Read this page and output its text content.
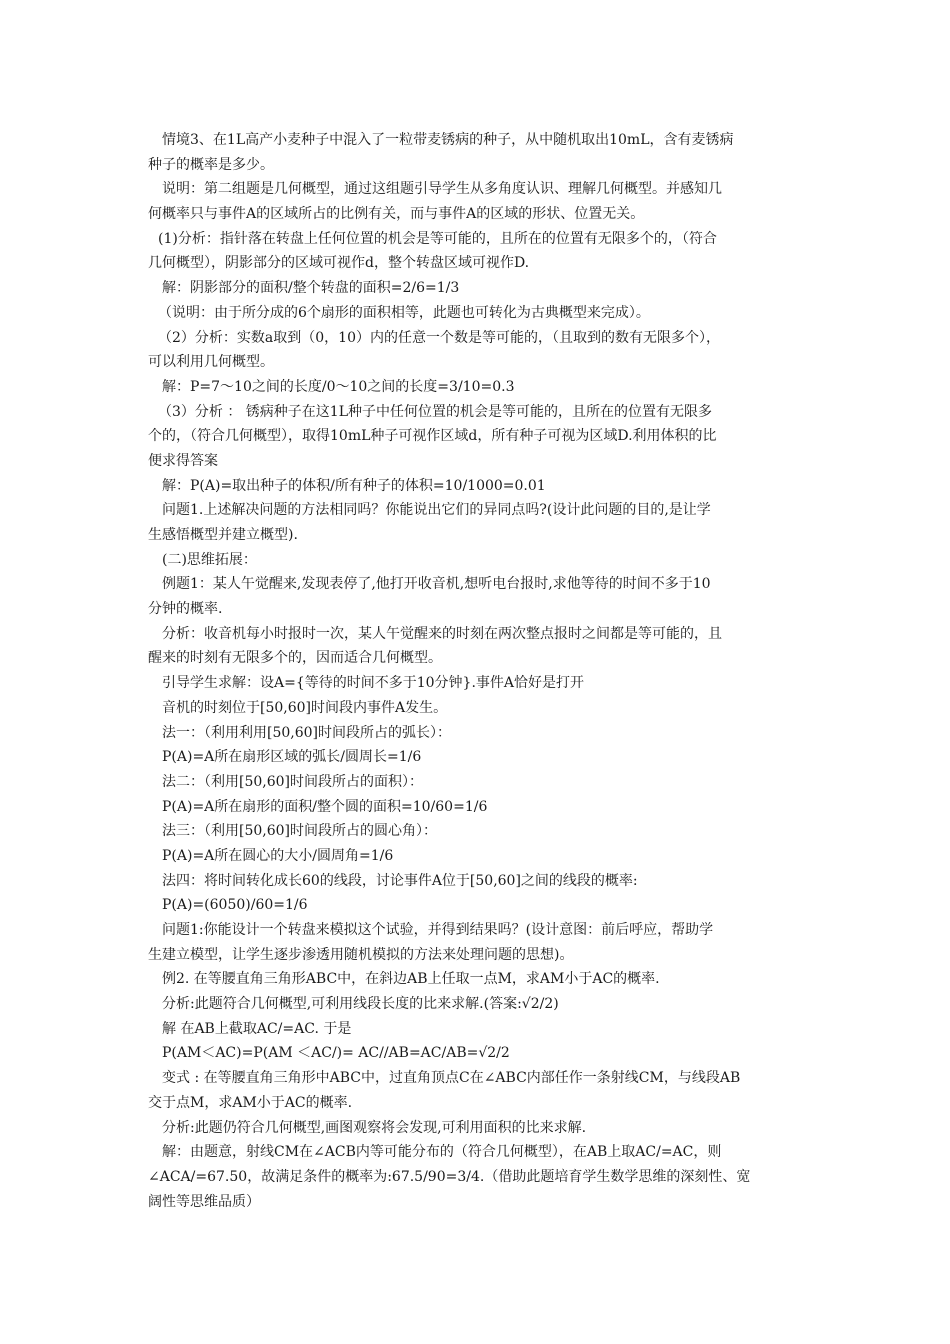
情境3、在1L高产小麦种子中混入了一粒带麦锈病的种子，从中随机取出10mL，含有麦锈病
种子的概率是多少。
说明：第二组题是几何概型，通过这组题引导学生从多角度认识、理解几何概型。并感知几
何概率只与事件A的区域所占的比例有关，而与事件A的区域的形状、位置无关。
(1)分析：指针落在转盘上任何位置的机会是等可能的，且所在的位置有无限多个的，（符合
几何概型），阴影部分的区域可视作d，整个转盘区域可视作D.
解：阴影部分的面积/整个转盘的面积=2/6=1/3
（说明：由于所分成的6个扇形的面积相等，此题也可转化为古典概型来完成）。
（2）分析：实数a取到（0，10）内的任意一个数是等可能的，（且取到的数有无限多个），
可以利用几何概型。
解：P=7～10之间的长度/0～10之间的长度=3/10=0.3
（3）分析 ： 锈病种子在这1L种子中任何位置的机会是等可能的，且所在的位置有无限多
个的，（符合几何概型），取得10mL种子可视作区域d，所有种子可视为区域D.利用体积的比
便求得答案
解：P(A)=取出种子的体积/所有种子的体积=10/1000=0.01
问题1.上述解决问题的方法相同吗？你能说出它们的异同点吗?(设计此问题的目的,是让学
生感悟概型并建立概型).
(二)思维拓展：
例题1：某人午觉醒来,发现表停了,他打开收音机,想听电台报时,求他等待的时间不多于10
分钟的概率.
分析：收音机每小时报时一次，某人午觉醒来的时刻在两次整点报时之间都是等可能的，且
醒来的时刻有无限多个的，因而适合几何概型。
引导学生求解：设A={等待的时间不多于10分钟}.事件A恰好是打开
音机的时刻位于[50,60]时间段内事件A发生。
法一：（利用利用[50,60]时间段所占的弧长）：
P(A)=A所在扇形区域的弧长/圆周长=1/6
法二：（利用[50,60]时间段所占的面积）：
P(A)=A所在扇形的面积/整个圆的面积=10/60=1/6
法三：（利用[50,60]时间段所占的圆心角）：
P(A)=A所在圆心的大小/圆周角=1/6
法四：将时间转化成长60的线段，讨论事件A位于[50,60]之间的线段的概率:
P(A)=(6050)/60=1/6
问题1:你能设计一个转盘来模拟这个试验，并得到结果吗？(设计意图：前后呼应，帮助学
生建立模型，让学生逐步渗透用随机模拟的方法来处理问题的思想)。
例2. 在等腰直角三角形ABC中，在斜边AB上任取一点M，求AM小于AC的概率.
分析:此题符合几何概型,可利用线段长度的比来求解.(答案:√2/2)
解 在AB上截取AC/=AC. 于是
P(AM＜AC)=P(AM ＜AC/)= AC//AB=AC/AB=√2/2
变式 : 在等腰直角三角形中ABC中，过直角顶点C在∠ABC内部任作一条射线CM，与线段AB
交于点M，求AM小于AC的概率.
分析:此题仍符合几何概型,画图观察将会发现,可利用面积的比来求解.
解：由题意，射线CM在∠ACB内等可能分布的（符合几何概型），在AB上取AC/=AC，则
∠ACA/=67.50，故满足条件的概率为:67.5/90=3/4.（借助此题培育学生数学思维的深刻性、宽
阔性等思维品质）
